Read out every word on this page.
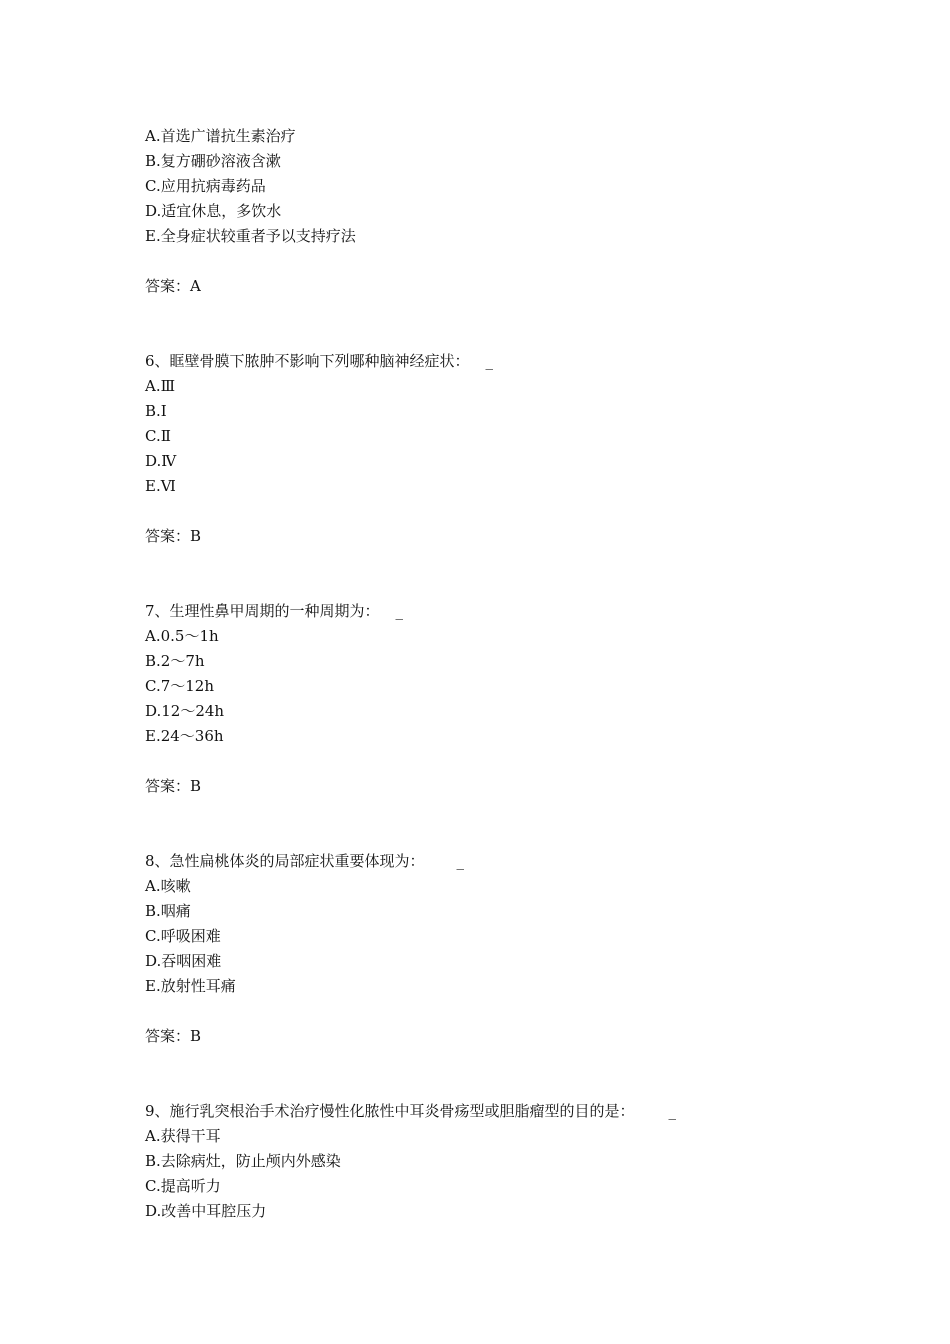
A.首选广谱抗生素治疗
B.复方硼砂溶液含漱
C.应用抗病毒药品
D.适宜休息，多饮水
E.全身症状较重者予以支持疗法
答案：A
6、眶壁骨膜下脓肿不影响下列哪种脑神经症状： _
A.Ⅲ
B.Ⅰ
C.Ⅱ
D.Ⅳ
E.Ⅵ
答案：B
7、生理性鼻甲周期的一种周期为： _
A.0.5～1h
B.2～7h
C.7～12h
D.12～24h
E.24～36h
答案：B
8、急性扁桃体炎的局部症状重要体现为： _
A.咳嗽
B.咽痛
C.呼吸困难
D.吞咽困难
E.放射性耳痛
答案：B
9、施行乳突根治手术治疗慢性化脓性中耳炎骨疡型或胆脂瘤型的目的是： _
A.获得干耳
B.去除病灶，防止颅内外感染
C.提高听力
D.改善中耳腔压力
